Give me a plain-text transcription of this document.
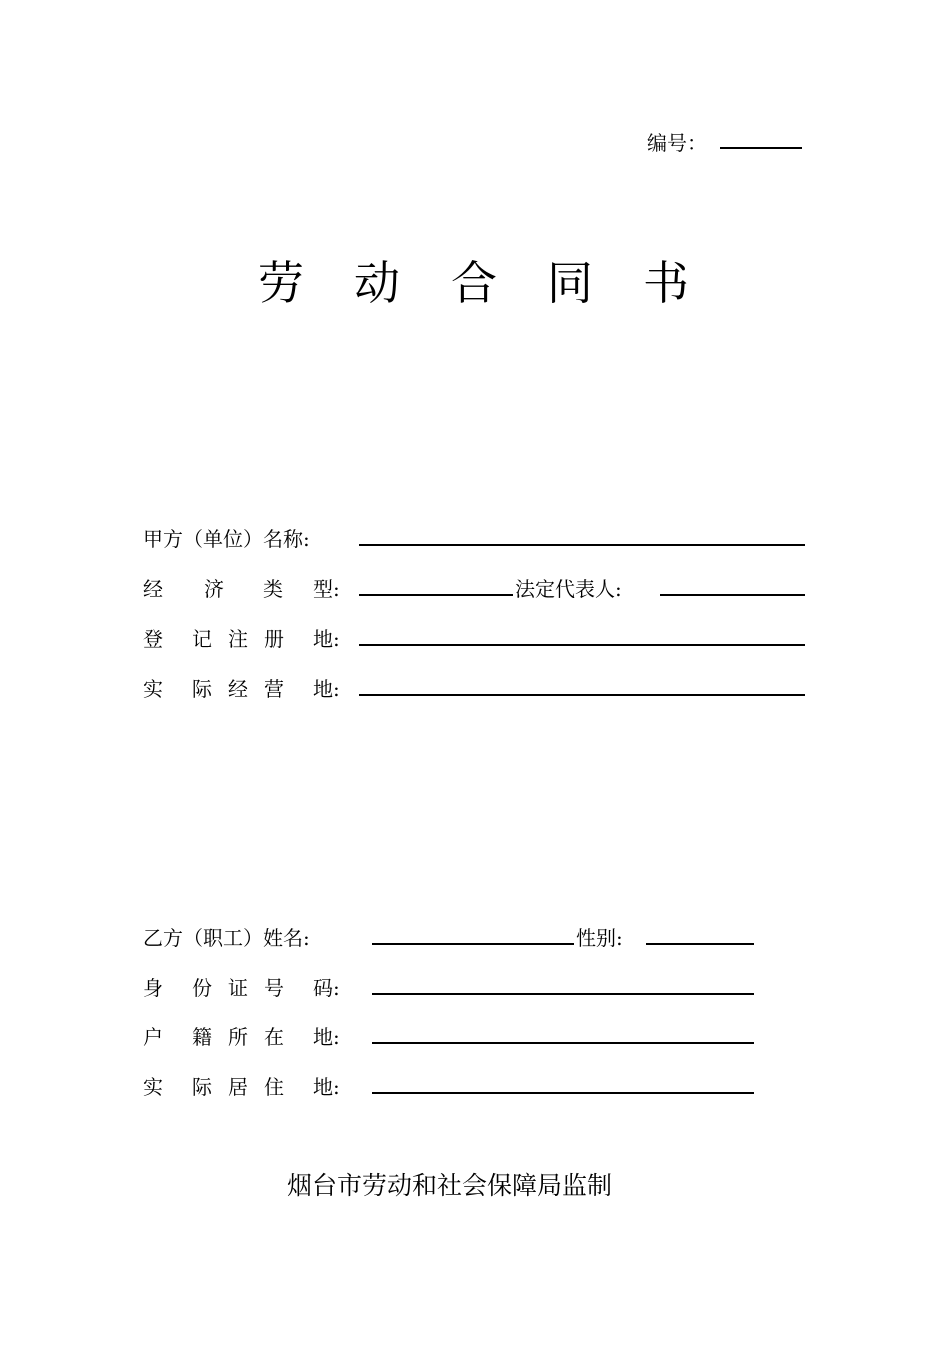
编号：
劳 动 合 同 书
甲方（单位）名称:
经 济 类 型:	法定代表人:
登 记 注 册 地:
实 际 经 营 地:
乙方（职工）姓名:	性别:
身 份 证 号 码:
户 籍 所 在 地:
实 际 居 住 地:
烟台市劳动和社会保障局监制
